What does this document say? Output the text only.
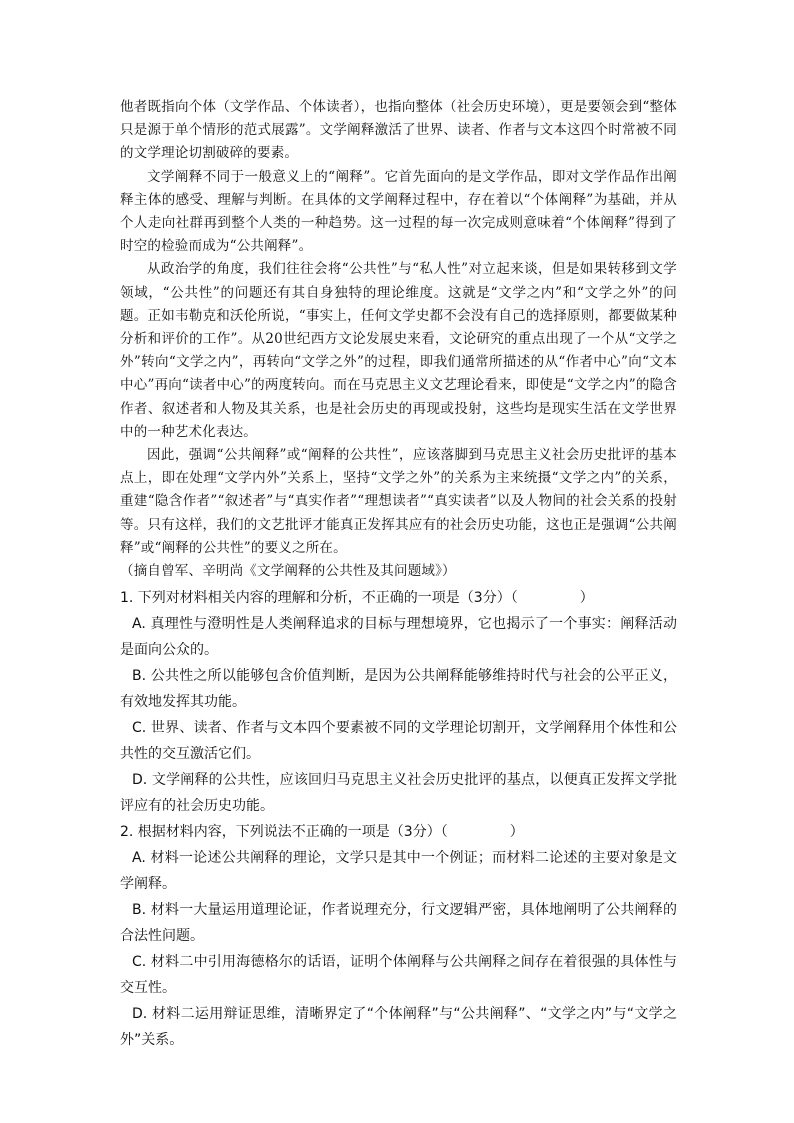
他者既指向个体（文学作品、个体读者），也指向整体（社会历史环境），更是要领会到“整体只是源于单个情形的范式展露”。文学阐释激活了世界、读者、作者与文本这四个时常被不同的文学理论切割破碎的要素。

文学阐释不同于一般意义上的“阐释”。它首先面向的是文学作品，即对文学作品作出阐释主体的感受、理解与判断。在具体的文学阐释过程中，存在着以“个体阐释”为基础，并从个人走向社群再到整个人类的一种趋势。这一过程的每一次完成则意味着“个体阐释”得到了时空的检验而成为“公共阐释”。

从政治学的角度，我们往往会将“公共性”与“私人性”对立起来谈，但是如果转移到文学领域，“公共性”的问题还有其自身独特的理论维度。这就是“文学之内”和“文学之外”的问题。正如韦勒克和沃伦所说，“事实上，任何文学史都不会没有自己的选择原则，都要做某种分析和评价的工作”。从20世纪西方文论发展史来看，文论研究的重点出现了一个从“文学之外”转向“文学之内”，再转向“文学之外”的过程，即我们通常所描述的从“作者中心”向“文本中心”再向“读者中心”的两度转向。而在马克思主义文艺理论看来，即使是“文学之内”的隐含作者、叙述者和人物及其关系，也是社会历史的再现或投射，这些均是现实生活在文学世界中的一种艺术化表达。

因此，强调“公共阐释”或“阐释的公共性”，应该落脚到马克思主义社会历史批评的基本点上，即在处理“文学内外”关系上，坚持“文学之外”的关系为主来统摄“文学之内”的关系，重建“隐含作者”“叙述者”与“真实作者”“理想读者”“真实读者”以及人物间的社会关系的投射等。只有这样，我们的文艺批评才能真正发挥其应有的社会历史功能，这也正是强调“公共阐释”或“阐释的公共性”的要义之所在。

（摘自曾军、辛明尚《文学阐释的公共性及其问题域》）

1. 下列对材料相关内容的理解和分析，不正确的一项是（3分）（	）

A. 真理性与澄明性是人类阐释追求的目标与理想境界，它也揭示了一个事实：阐释活动是面向公众的。

B. 公共性之所以能够包含价值判断，是因为公共阐释能够维持时代与社会的公平正义，有效地发挥其功能。

C. 世界、读者、作者与文本四个要素被不同的文学理论切割开，文学阐释用个体性和公共性的交互激活它们。

D. 文学阐释的公共性，应该回归马克思主义社会历史批评的基点，以便真正发挥文学批评应有的社会历史功能。

2. 根据材料内容，下列说法不正确的一项是（3分）（	）

A. 材料一论述公共阐释的理论，文学只是其中一个例证；而材料二论述的主要对象是文学阐释。

B. 材料一大量运用道理论证，作者说理充分，行文逻辑严密，具体地阐明了公共阐释的合法性问题。

C. 材料二中引用海德格尔的话语，证明个体阐释与公共阐释之间存在着很强的具体性与交互性。

D. 材料二运用辩证思维，清晰界定了“个体阐释”与“公共阐释”、“文学之内”与“文学之外”关系。
